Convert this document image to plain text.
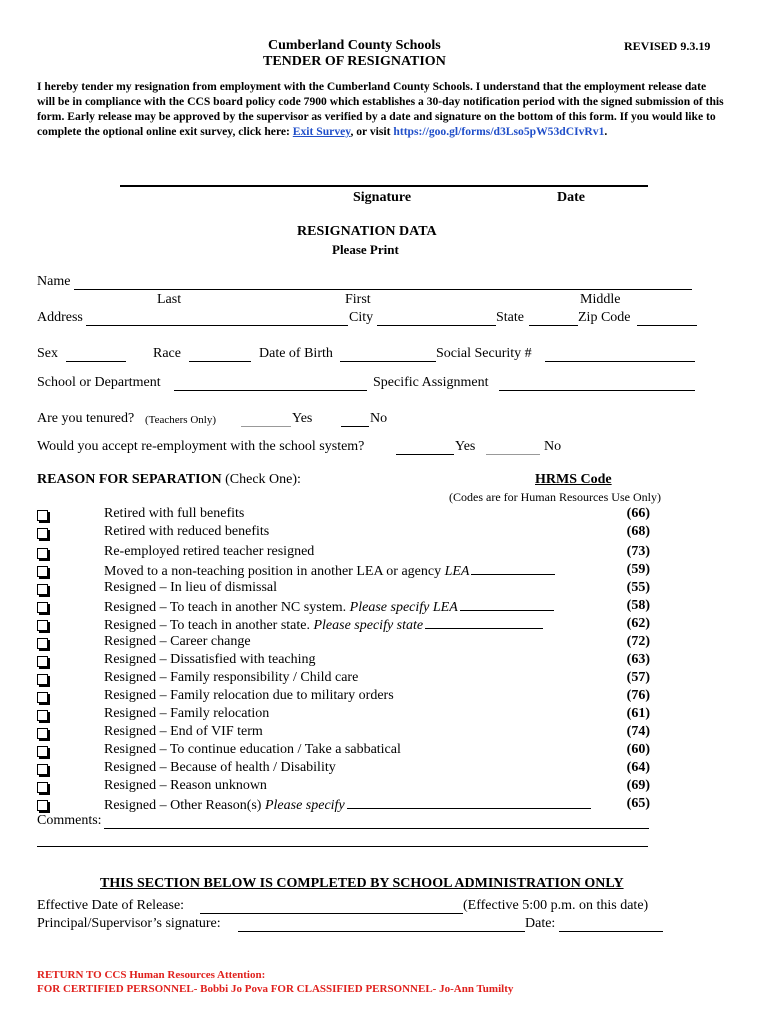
Cumberland County Schools
TENDER OF RESIGNATION
REVISED 9.3.19
I hereby tender my resignation from employment with the Cumberland County Schools. I understand that the employment release date will be in compliance with the CCS board policy code 7900 which establishes a 30-day notification period with the signed submission of this form. Early release may be approved by the supervisor as verified by a date and signature on the bottom of this form. If you would like to complete the optional online exit survey, click here: Exit Survey, or visit https://goo.gl/forms/d3Lso5pW53dCIvRv1.
Signature	Date
RESIGNATION DATA
Please Print
Name
Last	First	Middle
Address	City	State	Zip Code
Sex	Race	Date of Birth	Social Security #
School or Department	Specific Assignment
Are you tenured? (Teachers Only)	Yes	No
Would you accept re-employment with the school system?	Yes	No
REASON FOR SEPARATION (Check One):	HRMS Code
(Codes are for Human Resources Use Only)
Retired with full benefits	(66)
Retired with reduced benefits	(68)
Re-employed retired teacher resigned	(73)
Moved to a non-teaching position in another LEA or agency LEA	(59)
Resigned – In lieu of dismissal	(55)
Resigned – To teach in another NC system. Please specify LEA	(58)
Resigned – To teach in another state. Please specify state	(62)
Resigned – Career change	(72)
Resigned – Dissatisfied with teaching	(63)
Resigned – Family responsibility / Child care	(57)
Resigned – Family relocation due to military orders	(76)
Resigned – Family relocation	(61)
Resigned – End of VIF term	(74)
Resigned – To continue education / Take a sabbatical	(60)
Resigned – Because of health / Disability	(64)
Resigned – Reason unknown	(69)
Resigned – Other Reason(s) Please specify	(65)
Comments:
THIS SECTION BELOW IS COMPLETED BY SCHOOL ADMINISTRATION ONLY
Effective Date of Release:	(Effective 5:00 p.m. on this date)
Principal/Supervisor’s signature:	Date:
RETURN TO CCS Human Resources Attention:
FOR CERTIFIED PERSONNEL- Bobbi Jo Pova FOR CLASSIFIED PERSONNEL- Jo-Ann Tumilty
